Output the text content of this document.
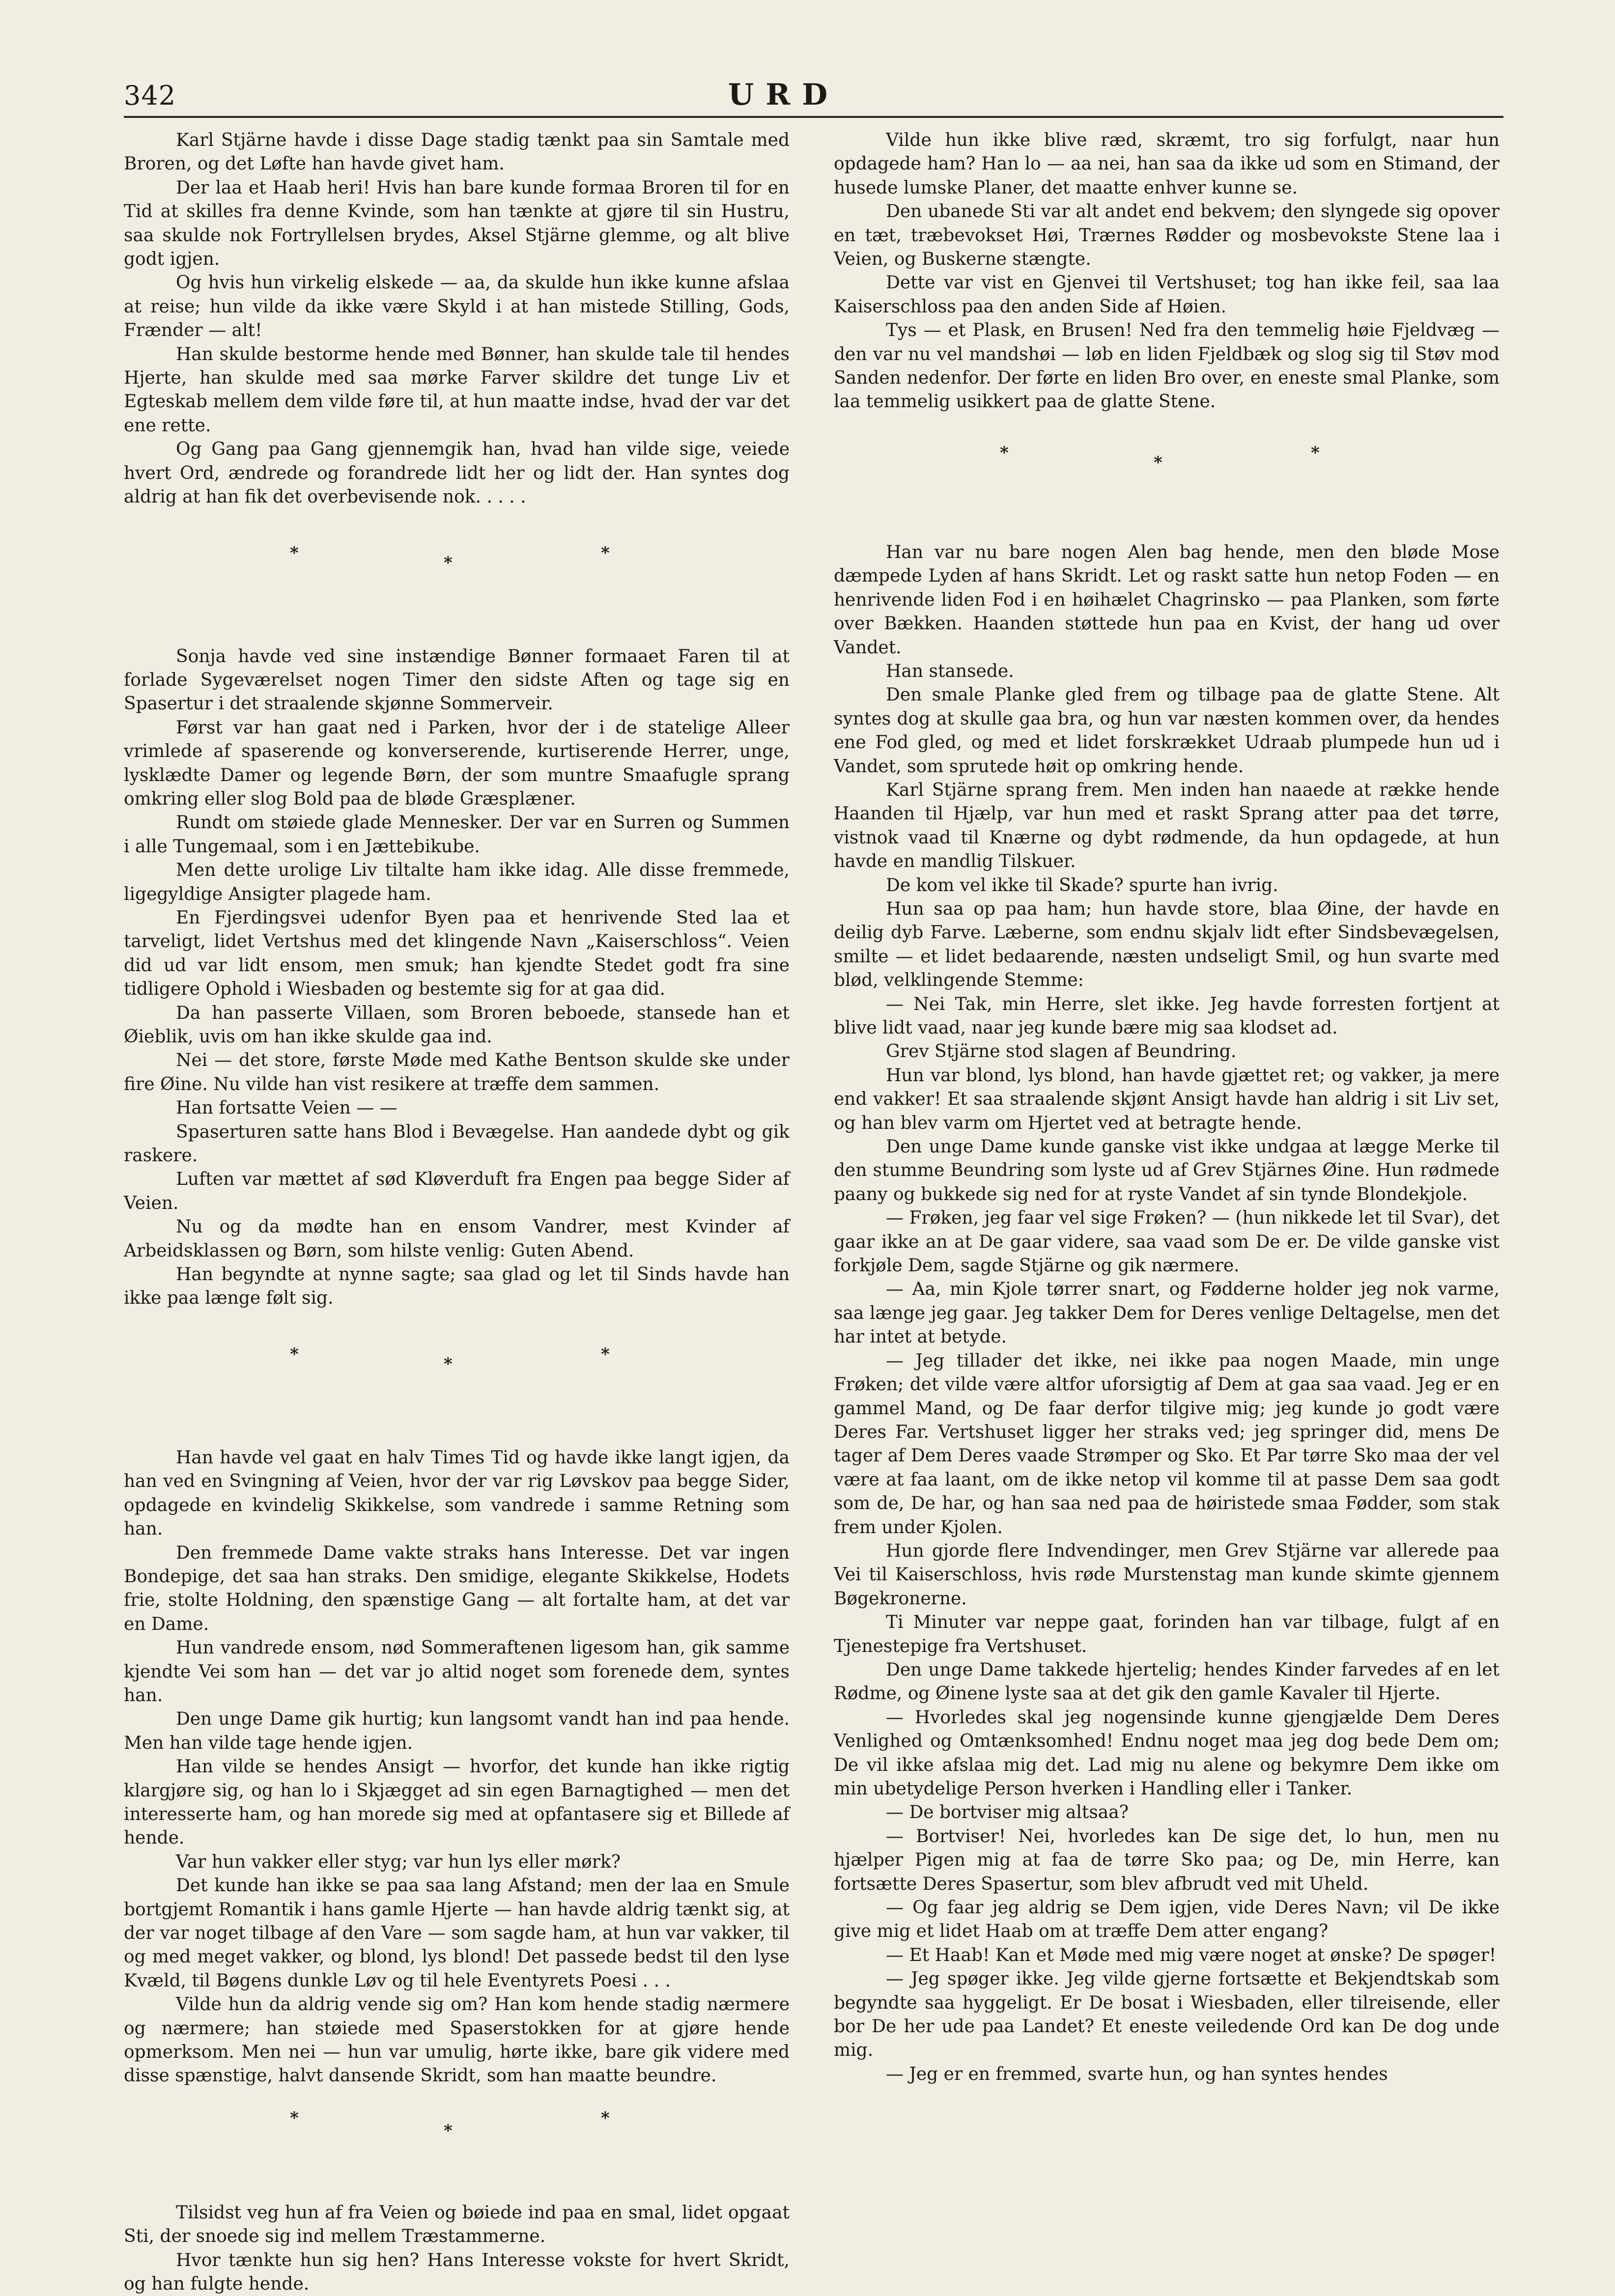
342	URD

Karl Stjärne havde i disse Dage stadig tænkt paa sin Samtale med Broren, og det Løfte han havde givet ham.

Der laa et Haab heri! Hvis han bare kunde formaa Broren til for en Tid at skilles fra denne Kvinde, som han tænkte at gjøre til sin Hustru, saa skulde nok Fortryllelsen brydes, Aksel Stjärne glemme, og alt blive godt igjen.

Og hvis hun virkelig elskede — aa, da skulde hun ikke kunne afslaa at reise; hun vilde da ikke være Skyld i at han mistede Stilling, Gods, Frænder — alt!

Han skulde bestorme hende med Bønner, han skulde tale til hendes Hjerte, han skulde med saa mørke Farver skildre det tunge Liv et Egteskab mellem dem vilde føre til, at hun maatte indse, hvad der var det ene rette.

Og Gang paa Gang gjennemgik han, hvad han vilde sige, veiede hvert Ord, ændrede og forandrede lidt her og lidt der. Han syntes dog aldrig at han fik det overbevisende nok. . . . .

*	*	*

Sonja havde ved sine instændige Bønner formaaet Faren til at forlade Sygeværelset nogen Timer den sidste Aften og tage sig en Spasertur i det straalende skjønne Sommerveir.

Først var han gaat ned i Parken, hvor der i de statelige Alleer vrimlede af spaserende og konverserende, kurtiserende Herrer, unge, lysklædte Damer og legende Børn, der som muntre Smaafugle sprang omkring eller slog Bold paa de bløde Græsplæner.

Rundt om støiede glade Mennesker. Der var en Surren og Summen i alle Tungemaal, som i en Jættebikube.

Men dette urolige Liv tiltalte ham ikke idag. Alle disse fremmede, ligegyldige Ansigter plagede ham.

En Fjerdingsvei udenfor Byen paa et henrivende Sted laa et tarveligt, lidet Vertshus med det klingende Navn „Kaiserschloss“. Veien did ud var lidt ensom, men smuk; han kjendte Stedet godt fra sine tidligere Ophold i Wiesbaden og bestemte sig for at gaa did.

Da han passerte Villaen, som Broren beboede, stansede han et Øieblik, uvis om han ikke skulde gaa ind.

Nei — det store, første Møde med Kathe Bentson skulde ske under fire Øine. Nu vilde han vist resikere at træffe dem sammen.

Han fortsatte Veien — —

Spaserturen satte hans Blod i Bevægelse. Han aandede dybt og gik raskere.

Luften var mættet af sød Kløverduft fra Engen paa begge Sider af Veien.

Nu og da mødte han en ensom Vandrer, mest Kvinder af Arbeidsklassen og Børn, som hilste venlig: Guten Abend.

Han begyndte at nynne sagte; saa glad og let til Sinds havde han ikke paa længe følt sig.

*	*	*

Han havde vel gaat en halv Times Tid og havde ikke langt igjen, da han ved en Svingning af Veien, hvor der var rig Løvskov paa begge Sider, opdagede en kvindelig Skikkelse, som vandrede i samme Retning som han.

Den fremmede Dame vakte straks hans Interesse. Det var ingen Bondepige, det saa han straks. Den smidige, elegante Skikkelse, Hodets frie, stolte Holdning, den spænstige Gang — alt fortalte ham, at det var en Dame.

Hun vandrede ensom, nød Sommeraftenen ligesom han, gik samme kjendte Vei som han — det var jo altid noget som forenede dem, syntes han.

Den unge Dame gik hurtig; kun langsomt vandt han ind paa hende. Men han vilde tage hende igjen.

Han vilde se hendes Ansigt — hvorfor, det kunde han ikke rigtig klargjøre sig, og han lo i Skjægget ad sin egen Barnagtighed — men det interesserte ham, og han morede sig med at opfantasere sig et Billede af hende.

Var hun vakker eller styg; var hun lys eller mørk?

Det kunde han ikke se paa saa lang Afstand; men der laa en Smule bortgjemt Romantik i hans gamle Hjerte — han havde aldrig tænkt sig, at der var noget tilbage af den Vare — som sagde ham, at hun var vakker, til og med meget vakker, og blond, lys blond! Det passede bedst til den lyse Kvæld, til Bøgens dunkle Løv og til hele Eventyrets Poesi . . .

Vilde hun da aldrig vende sig om? Han kom hende stadig nærmere og nærmere; han støiede med Spaserstokken for at gjøre hende opmerksom. Men nei — hun var umulig, hørte ikke, bare gik videre med disse spænstige, halvt dansende Skridt, som han maatte beundre.

*
*
*

Tilsidst veg hun af fra Veien og bøiede ind paa en smal, lidet opgaat Sti, der snoede sig ind mellem Træstammerne.

Hvor tænkte hun sig hen? Hans Interesse vokste for hvert Skridt, og han fulgte hende.

Vilde hun ikke blive ræd, skræmt, tro sig forfulgt, naar hun opdagede ham? Han lo — aa nei, han saa da ikke ud som en Stimand, der husede lumske Planer, det maatte enhver kunne se.

Den ubanede Sti var alt andet end bekvem; den slyngede sig opover en tæt, træbevokset Høi, Trærnes Rødder og mosbevokste Stene laa i Veien, og Buskerne stængte.

Dette var vist en Gjenvei til Vertshuset; tog han ikke feil, saa laa Kaiserschloss paa den anden Side af Høien.

Tys — et Plask, en Brusen! Ned fra den temmelig høie Fjeldvæg — den var nu vel mandshøi — løb en liden Fjeldbæk og slog sig til Støv mod Sanden nedenfor. Der førte en liden Bro over, en eneste smal Planke, som laa temmelig usikkert paa de glatte Stene.

*	*	*

Han var nu bare nogen Alen bag hende, men den bløde Mose dæmpede Lyden af hans Skridt. Let og raskt satte hun netop Foden — en henrivende liden Fod i en høihælet Chagrinsko — paa Planken, som førte over Bækken. Haanden støttede hun paa en Kvist, der hang ud over Vandet.

Han stansede.

Den smale Planke gled frem og tilbage paa de glatte Stene. Alt syntes dog at skulle gaa bra, og hun var næsten kommen over, da hendes ene Fod gled, og med et lidet forskrækket Udraab plumpede hun ud i Vandet, som sprutede høit op omkring hende.

Karl Stjärne sprang frem. Men inden han naaede at række hende Haanden til Hjælp, var hun med et raskt Sprang atter paa det tørre, vistnok vaad til Knærne og dybt rødmende, da hun opdagede, at hun havde en mandlig Tilskuer.

De kom vel ikke til Skade? spurte han ivrig.

Hun saa op paa ham; hun havde store, blaa Øine, der havde en deilig dyb Farve. Læberne, som endnu skjalv lidt efter Sindsbevægelsen, smilte — et lidet bedaarende, næsten undseligt Smil, og hun svarte med blød, velklingende Stemme:

— Nei Tak, min Herre, slet ikke. Jeg havde forresten fortjent at blive lidt vaad, naar jeg kunde bære mig saa klodset ad.

Grev Stjärne stod slagen af Beundring.

Hun var blond, lys blond, han havde gjættet ret; og vakker, ja mere end vakker! Et saa straalende skjønt Ansigt havde han aldrig i sit Liv set, og han blev varm om Hjertet ved at betragte hende.

Den unge Dame kunde ganske vist ikke undgaa at lægge Merke til den stumme Beundring som lyste ud af Grev Stjärnes Øine. Hun rødmede paany og bukkede sig ned for at ryste Vandet af sin tynde Blondekjole.

— Frøken, jeg faar vel sige Frøken? — (hun nikkede let til Svar), det gaar ikke an at De gaar videre, saa vaad som De er. De vilde ganske vist forkjøle Dem, sagde Stjärne og gik nærmere.

— Aa, min Kjole tørrer snart, og Fødderne holder jeg nok varme, saa længe jeg gaar. Jeg takker Dem for Deres venlige Deltagelse, men det har intet at betyde.

— Jeg tillader det ikke, nei ikke paa nogen Maade, min unge Frøken; det vilde være altfor uforsigtig af Dem at gaa saa vaad. Jeg er en gammel Mand, og De faar derfor tilgive mig; jeg kunde jo godt være Deres Far. Vertshuset ligger her straks ved; jeg springer did, mens De tager af Dem Deres vaade Strømper og Sko. Et Par tørre Sko maa der vel være at faa laant, om de ikke netop vil komme til at passe Dem saa godt som de, De har, og han saa ned paa de høiristede smaa Fødder, som stak frem under Kjolen.

Hun gjorde flere Indvendinger, men Grev Stjärne var allerede paa Vei til Kaiserschloss, hvis røde Murstenstag man kunde skimte gjennem Bøgekronerne.

Ti Minuter var neppe gaat, forinden han var tilbage, fulgt af en Tjenestepige fra Vertshuset.

Den unge Dame takkede hjertelig; hendes Kinder farvedes af en let Rødme, og Øinene lyste saa at det gik den gamle Kavaler til Hjerte.

— Hvorledes skal jeg nogensinde kunne gjengjælde Dem Deres Venlighed og Omtænksomhed! Endnu noget maa jeg dog bede Dem om; De vil ikke afslaa mig det. Lad mig nu alene og bekymre Dem ikke om min ubetydelige Person hverken i Handling eller i Tanker.

— De bortviser mig altsaa?

— Bortviser! Nei, hvorledes kan De sige det, lo hun, men nu hjælper Pigen mig at faa de tørre Sko paa; og De, min Herre, kan fortsætte Deres Spasertur, som blev afbrudt ved mit Uheld.

— Og faar jeg aldrig se Dem igjen, vide Deres Navn; vil De ikke give mig et lidet Haab om at træffe Dem atter engang?

— Et Haab! Kan et Møde med mig være noget at ønske? De spøger!

— Jeg spøger ikke. Jeg vilde gjerne fortsætte et Bekjendtskab som begyndte saa hyggeligt. Er De bosat i Wiesbaden, eller tilreisende, eller bor De her ude paa Landet? Et eneste veiledende Ord kan De dog unde mig.

— Jeg er en fremmed, svarte hun, og han syntes hendes
